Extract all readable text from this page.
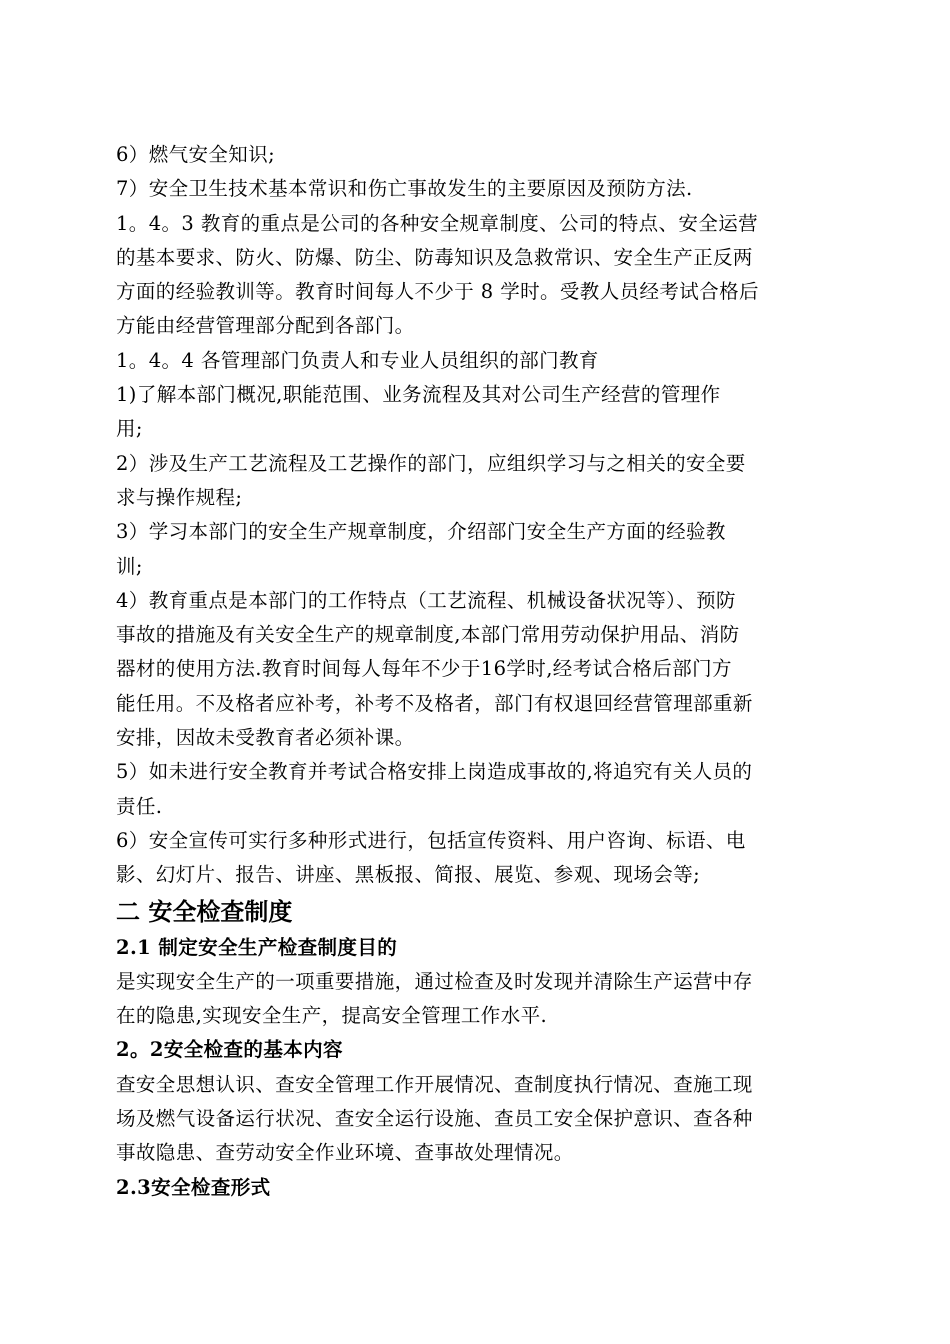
6）燃气安全知识;
7）安全卫生技术基本常识和伤亡事故发生的主要原因及预防方法.
1。4。3 教育的重点是公司的各种安全规章制度、公司的特点、安全运营
的基本要求、防火、防爆、防尘、防毒知识及急救常识、安全生产正反两
方面的经验教训等。教育时间每人不少于 8 学时。受教人员经考试合格后
方能由经营管理部分配到各部门。
1。4。4 各管理部门负责人和专业人员组织的部门教育
1)了解本部门概况,职能范围、业务流程及其对公司生产经营的管理作
用;
2）涉及生产工艺流程及工艺操作的部门，应组织学习与之相关的安全要
求与操作规程;
3）学习本部门的安全生产规章制度，介绍部门安全生产方面的经验教
训;
4）教育重点是本部门的工作特点（工艺流程、机械设备状况等）、预防
事故的措施及有关安全生产的规章制度,本部门常用劳动保护用品、消防
器材的使用方法.教育时间每人每年不少于16学时,经考试合格后部门方
能任用。不及格者应补考，补考不及格者，部门有权退回经营管理部重新
安排，因故未受教育者必须补课。
5）如未进行安全教育并考试合格安排上岗造成事故的,将追究有关人员的
责任.
6）安全宣传可实行多种形式进行，包括宣传资料、用户咨询、标语、电
影、幻灯片、报告、讲座、黑板报、简报、展览、参观、现场会等;
二 安全检查制度
2.1 制定安全生产检查制度目的
是实现安全生产的一项重要措施，通过检查及时发现并清除生产运营中存
在的隐患,实现安全生产，提高安全管理工作水平.
2。2安全检查的基本内容
查安全思想认识、查安全管理工作开展情况、查制度执行情况、查施工现
场及燃气设备运行状况、查安全运行设施、查员工安全保护意识、查各种
事故隐患、查劳动安全作业环境、查事故处理情况。
2.3安全检查形式
